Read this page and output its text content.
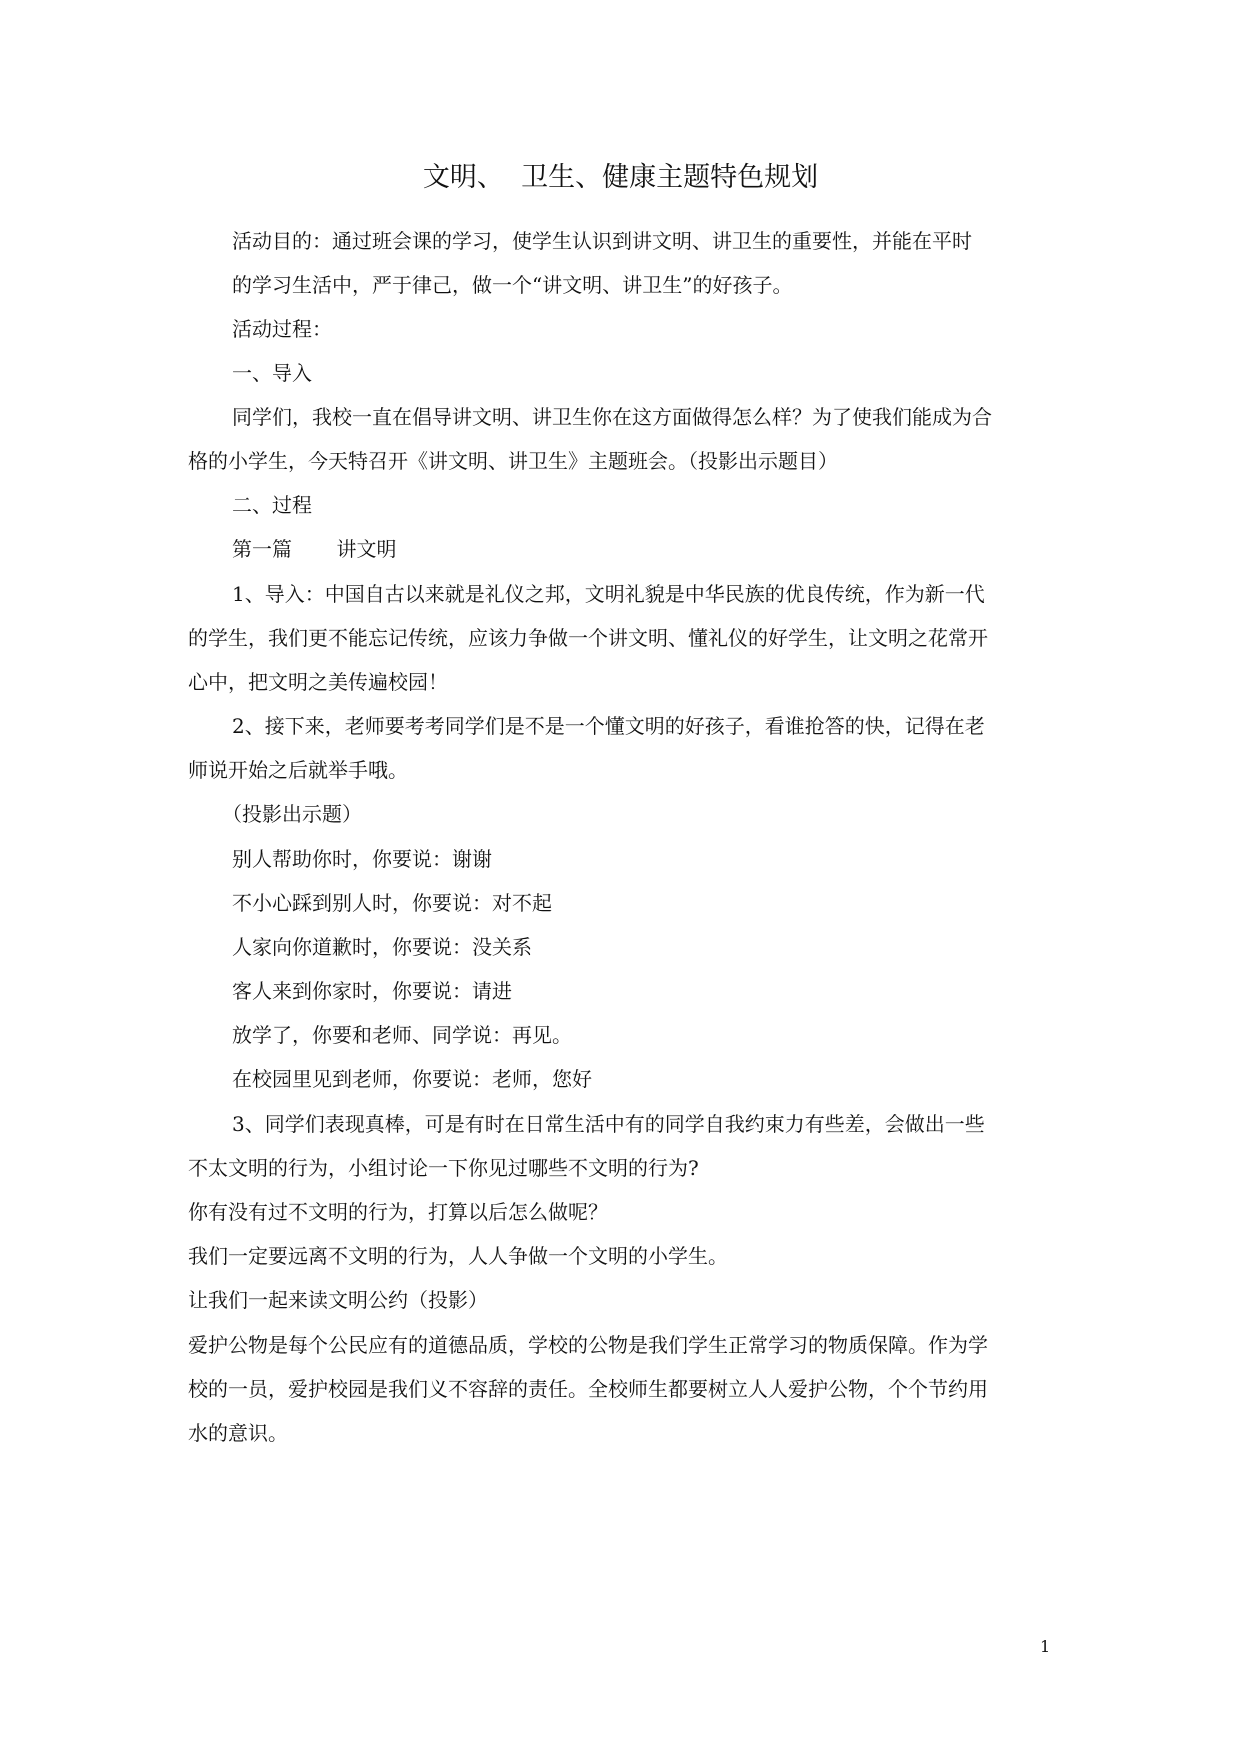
文明、  卫生、健康主题特色规划
活动目的：通过班会课的学习，使学生认识到讲文明、讲卫生的重要性，并能在平时
的学习生活中，严于律己，做一个“讲文明、讲卫生”的好孩子。
活动过程：
一、导入
同学们，我校一直在倡导讲文明、讲卫生你在这方面做得怎么样？为了使我们能成为合
格的小学生，今天特召开《讲文明、讲卫生》主题班会。（投影出示题目）
二、过程
第一篇       讲文明
1、导入：中国自古以来就是礼仪之邦，文明礼貌是中华民族的优良传统，作为新一代
的学生，我们更不能忘记传统，应该力争做一个讲文明、懂礼仪的好学生，让文明之花常开
心中，把文明之美传遍校园！
2、接下来，老师要考考同学们是不是一个懂文明的好孩子，看谁抢答的快，记得在老
师说开始之后就举手哦。
（投影出示题）
别人帮助你时，你要说：谢谢
不小心踩到别人时，你要说：对不起
人家向你道歉时，你要说：没关系
客人来到你家时，你要说：请进
放学了，你要和老师、同学说：再见。
在校园里见到老师，你要说：老师，您好
3、同学们表现真棒，可是有时在日常生活中有的同学自我约束力有些差，会做出一些
不太文明的行为，小组讨论一下你见过哪些不文明的行为?
你有没有过不文明的行为，打算以后怎么做呢？
我们一定要远离不文明的行为，人人争做一个文明的小学生。
让我们一起来读文明公约（投影）
爱护公物是每个公民应有的道德品质，学校的公物是我们学生正常学习的物质保障。作为学
校的一员，爱护校园是我们义不容辞的责任。全校师生都要树立人人爱护公物，个个节约用
水的意识。
1
